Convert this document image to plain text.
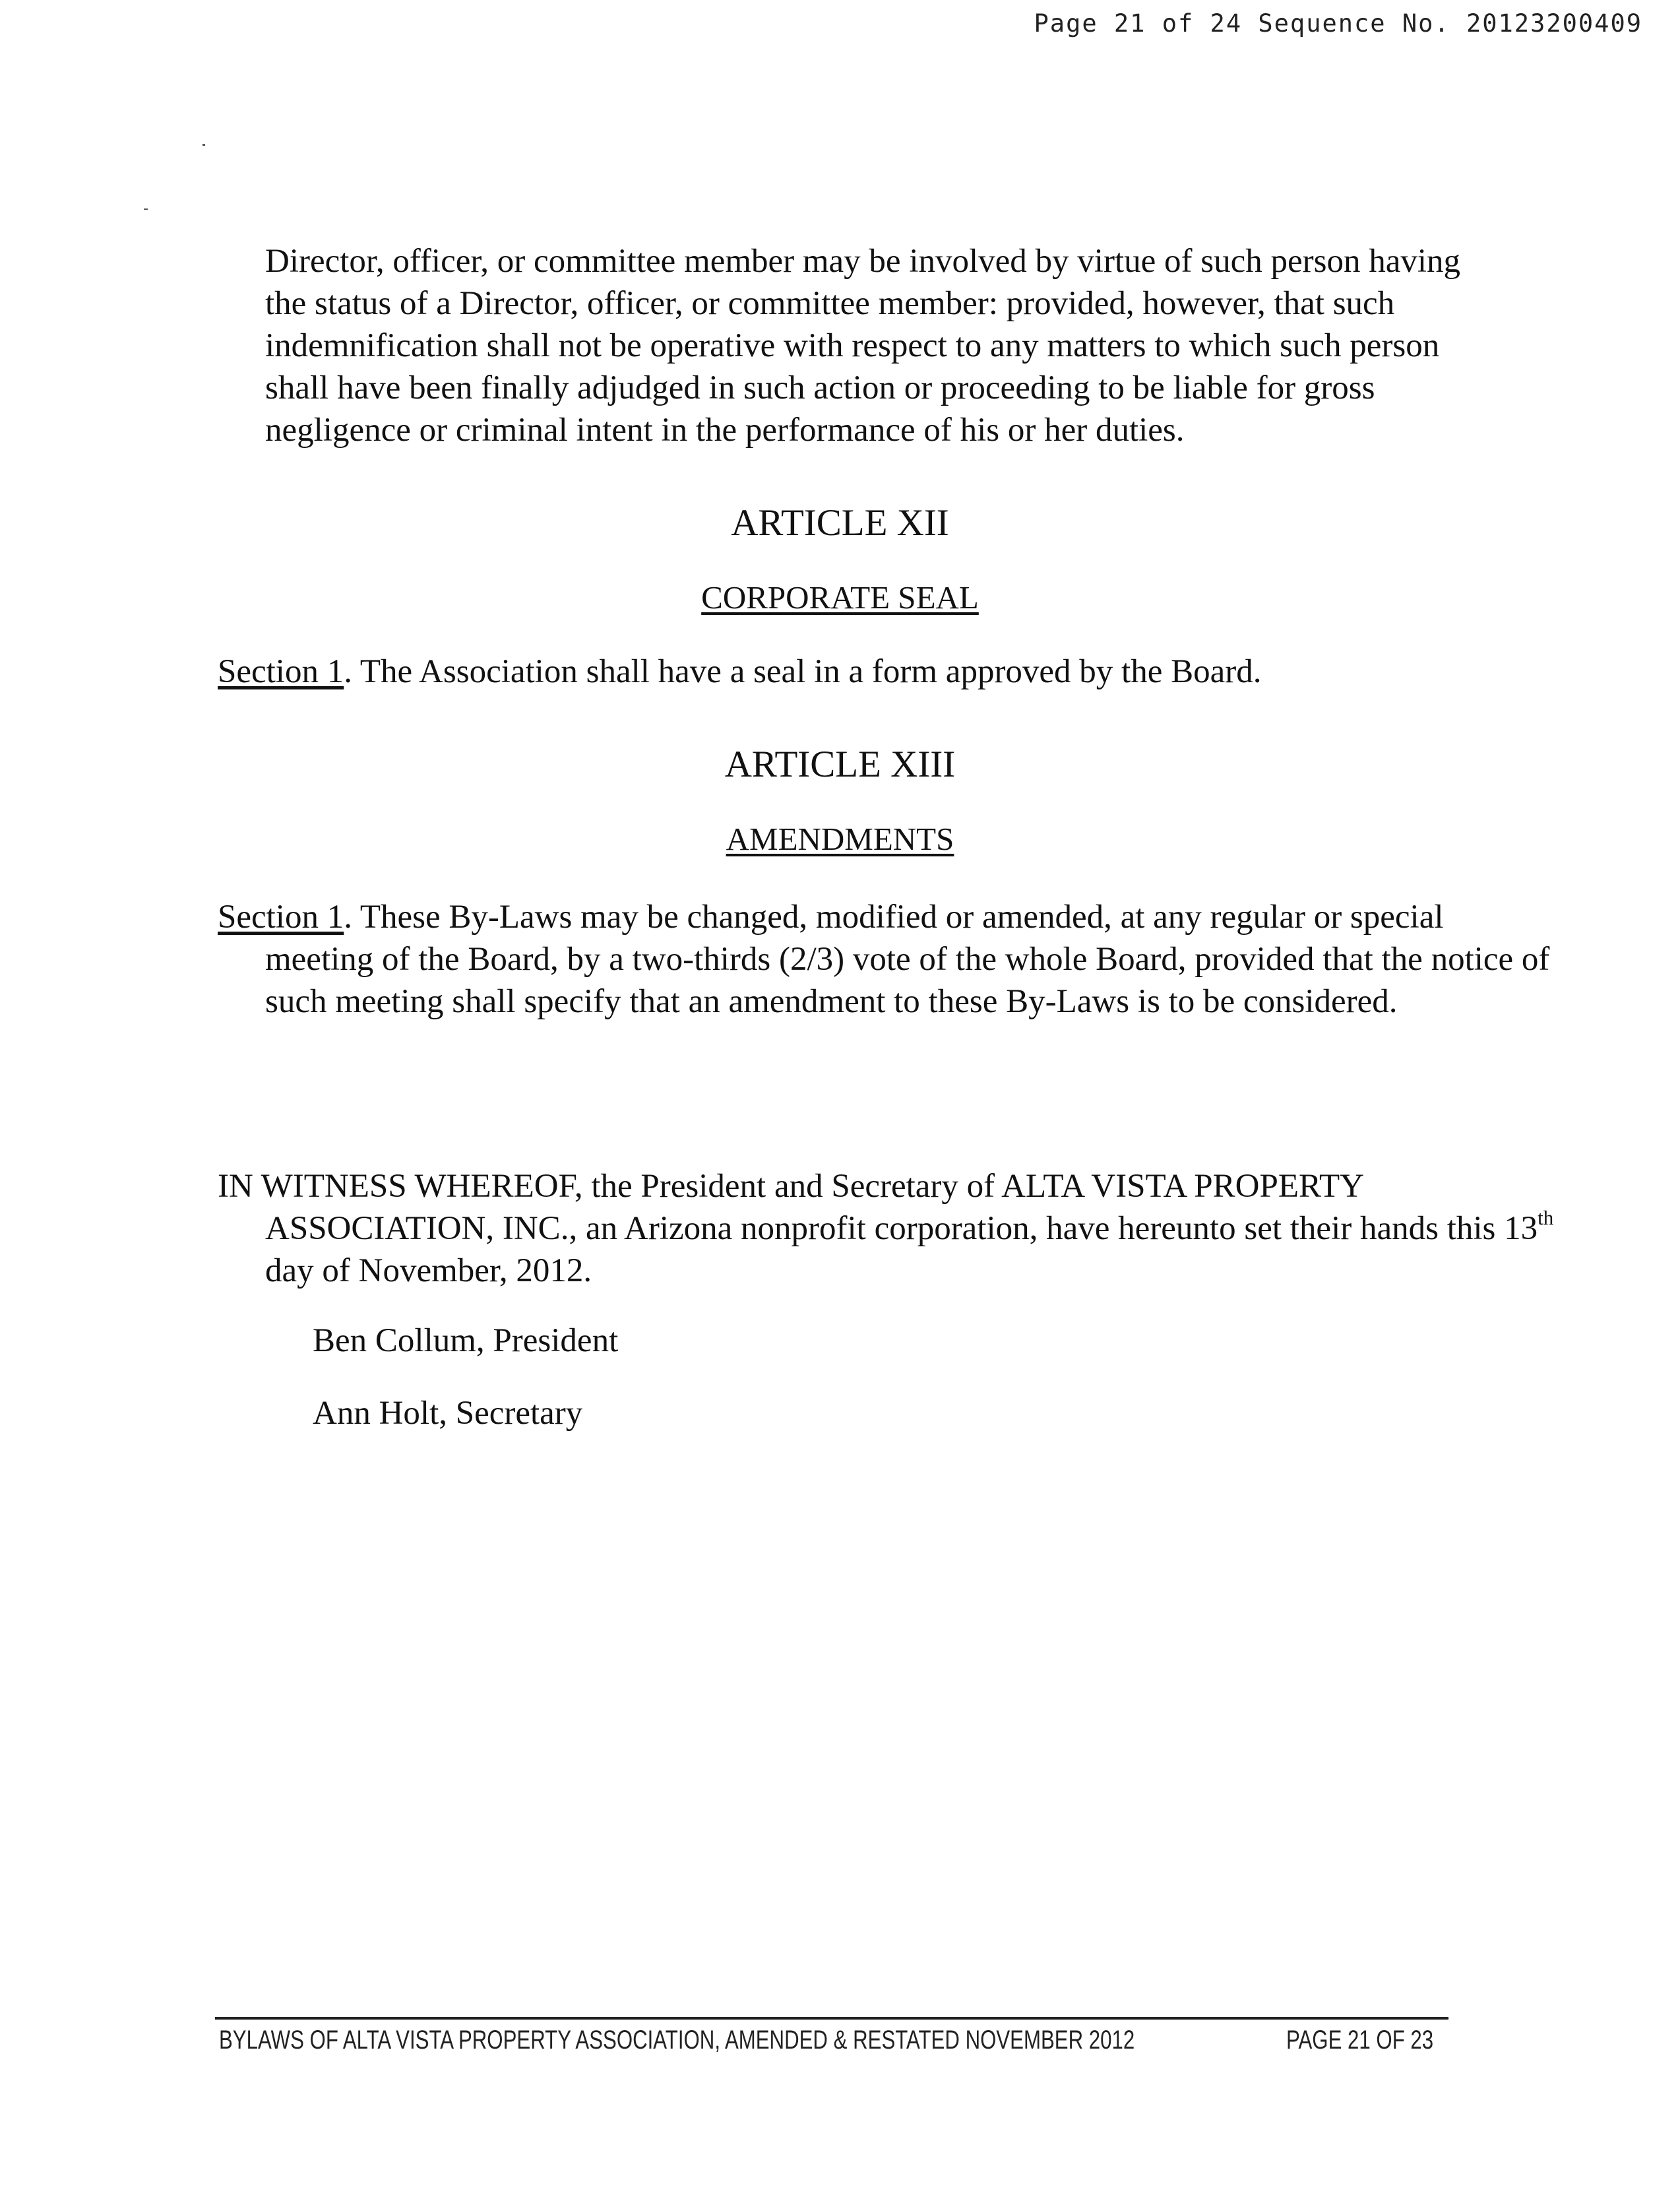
Page 21 of 24 Sequence No. 20123200409

Director, officer, or committee member may be involved by virtue of such person having the status of a Director, officer, or committee member: provided, however, that such indemnification shall not be operative with respect to any matters to which such person shall have been finally adjudged in such action or proceeding to be liable for gross negligence or criminal intent in the performance of his or her duties.

ARTICLE XII
CORPORATE SEAL

Section 1. The Association shall have a seal in a form approved by the Board.

ARTICLE XIII
AMENDMENTS

Section 1. These By-Laws may be changed, modified or amended, at any regular or special meeting of the Board, by a two-thirds (2/3) vote of the whole Board, provided that the notice of such meeting shall specify that an amendment to these By-Laws is to be considered.

IN WITNESS WHEREOF, the President and Secretary of ALTA VISTA PROPERTY ASSOCIATION, INC., an Arizona nonprofit corporation, have hereunto set their hands this 13th day of November, 2012.

Ben Collum, President
Ann Holt, Secretary
BYLAWS OF ALTA VISTA PROPERTY ASSOCIATION, AMENDED & RESTATED NOVEMBER 2012	PAGE 21 OF 23
